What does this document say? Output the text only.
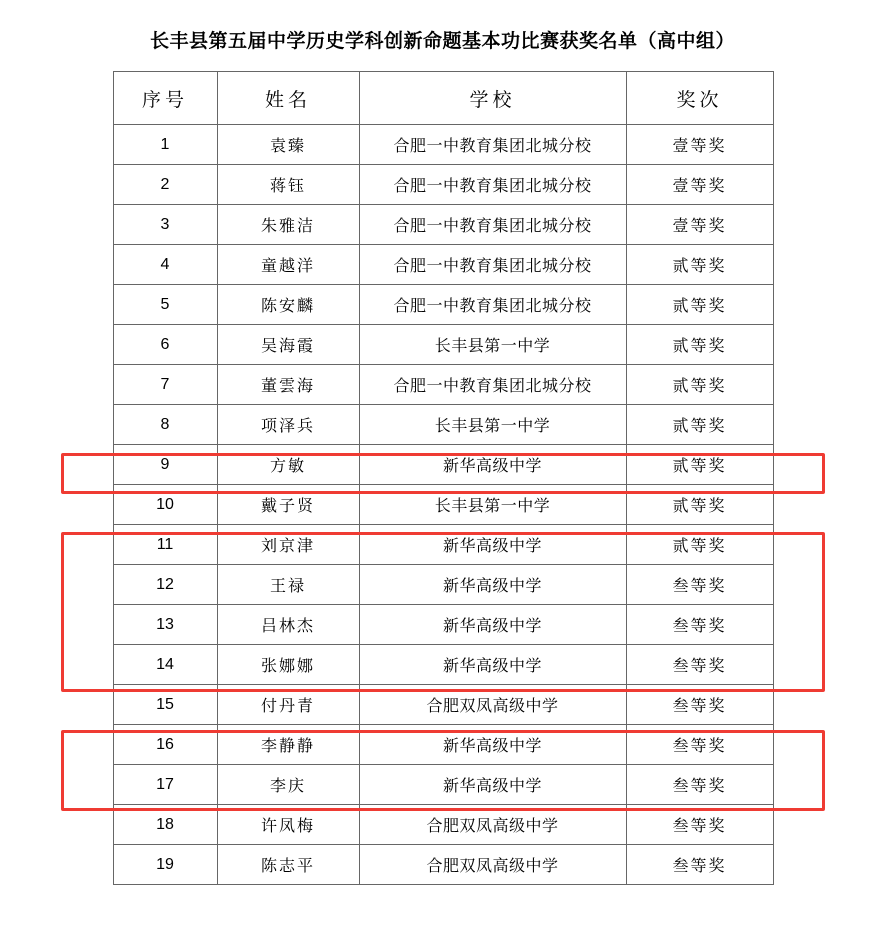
长丰县第五届中学历史学科创新命题基本功比赛获奖名单（高中组）
序号	姓名	学校	奖次
1	袁臻	合肥一中教育集团北城分校	壹等奖
2	蒋钰	合肥一中教育集团北城分校	壹等奖
3	朱雅洁	合肥一中教育集团北城分校	壹等奖
4	童越洋	合肥一中教育集团北城分校	贰等奖
5	陈安麟	合肥一中教育集团北城分校	贰等奖
6	吴海霞	长丰县第一中学	贰等奖
7	董雲海	合肥一中教育集团北城分校	贰等奖
8	项泽兵	长丰县第一中学	贰等奖
9	方敏	新华高级中学	贰等奖
10	戴子贤	长丰县第一中学	贰等奖
11	刘京津	新华高级中学	贰等奖
12	王禄	新华高级中学	叁等奖
13	吕林杰	新华高级中学	叁等奖
14	张娜娜	新华高级中学	叁等奖
15	付丹青	合肥双凤高级中学	叁等奖
16	李静静	新华高级中学	叁等奖
17	李庆	新华高级中学	叁等奖
18	许凤梅	合肥双凤高级中学	叁等奖
19	陈志平	合肥双凤高级中学	叁等奖
